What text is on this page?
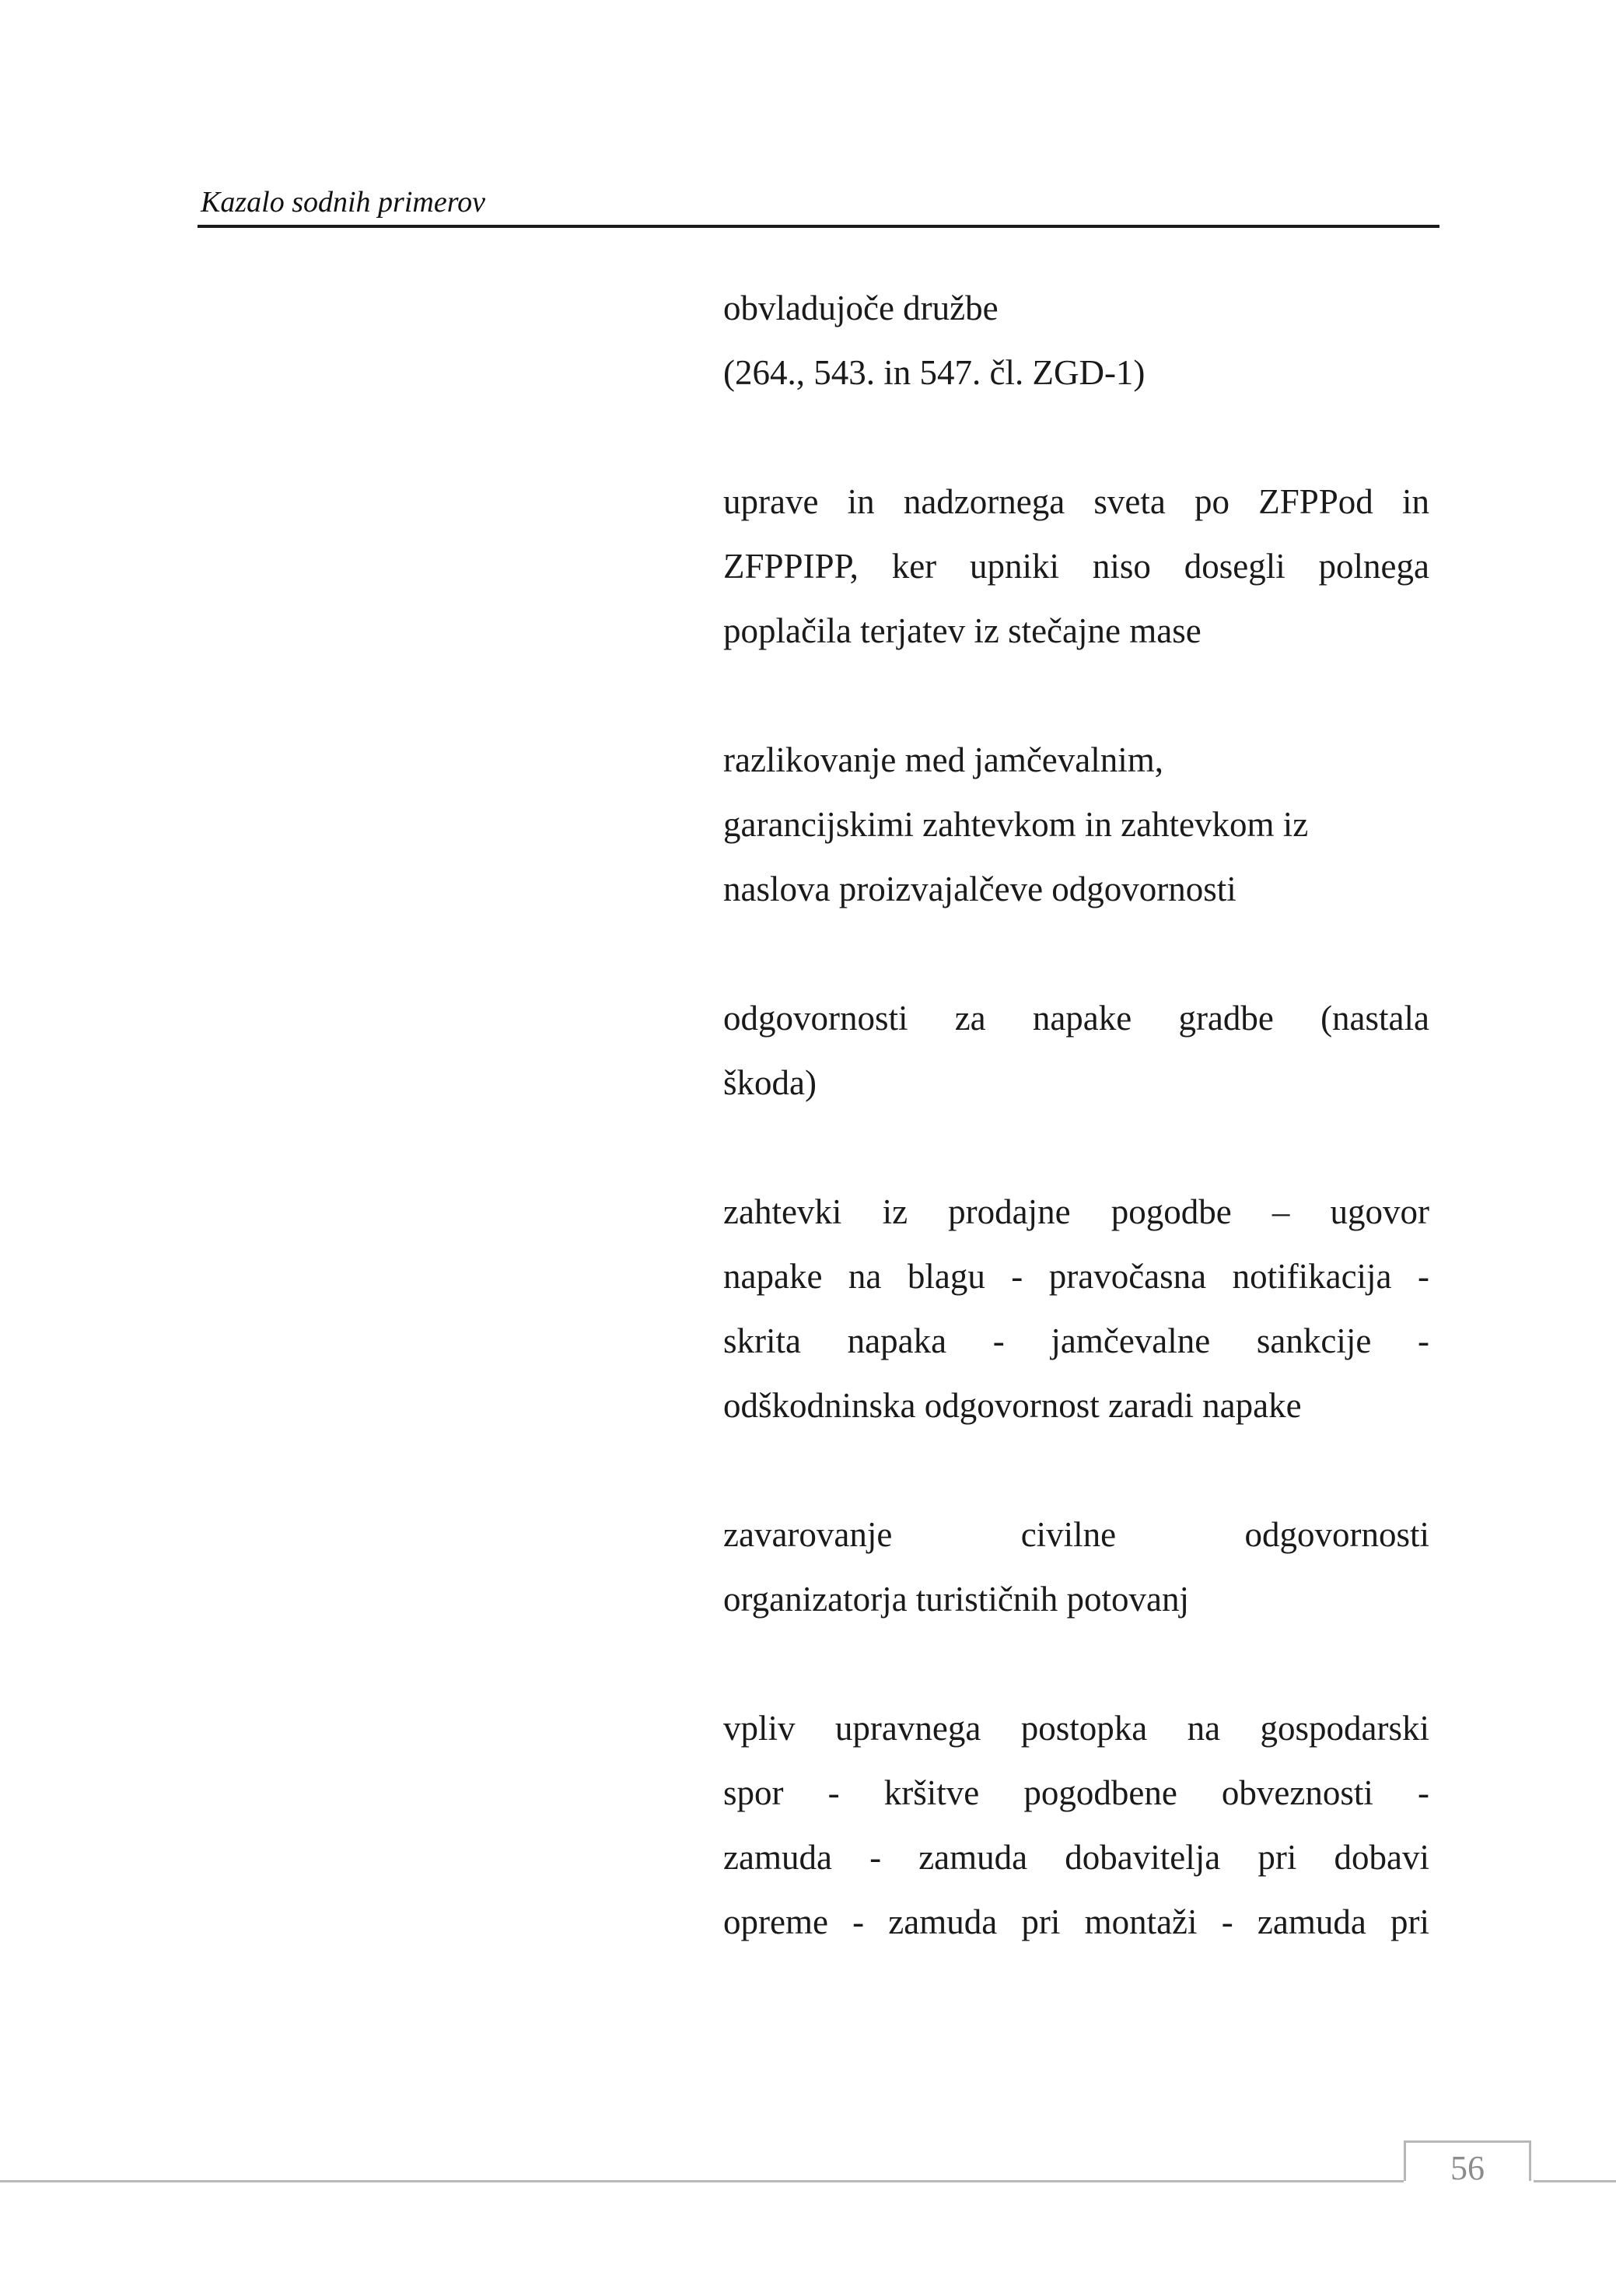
Kazalo sodnih primerov
obvladujoče družbe
(264., 543. in 547. čl. ZGD-1)
uprave in nadzornega sveta po ZFPPod in
ZFPPIPP, ker upniki niso dosegli polnega
poplačila terjatev iz stečajne mase
razlikovanje med jamčevalnim,
garancijskimi zahtevkom in zahtevkom iz
naslova proizvajalčeve odgovornosti
odgovornosti za napake gradbe (nastala
škoda)
zahtevki iz prodajne pogodbe – ugovor
napake na blagu - pravočasna notifikacija -
skrita napaka - jamčevalne sankcije -
odškodninska odgovornost zaradi napake
zavarovanje civilne odgovornosti
organizatorja turističnih potovanj
vpliv upravnega postopka na gospodarski
spor - kršitve pogodbene obveznosti -
zamuda - zamuda dobavitelja pri dobavi
opreme - zamuda pri montaži - zamuda pri
56
